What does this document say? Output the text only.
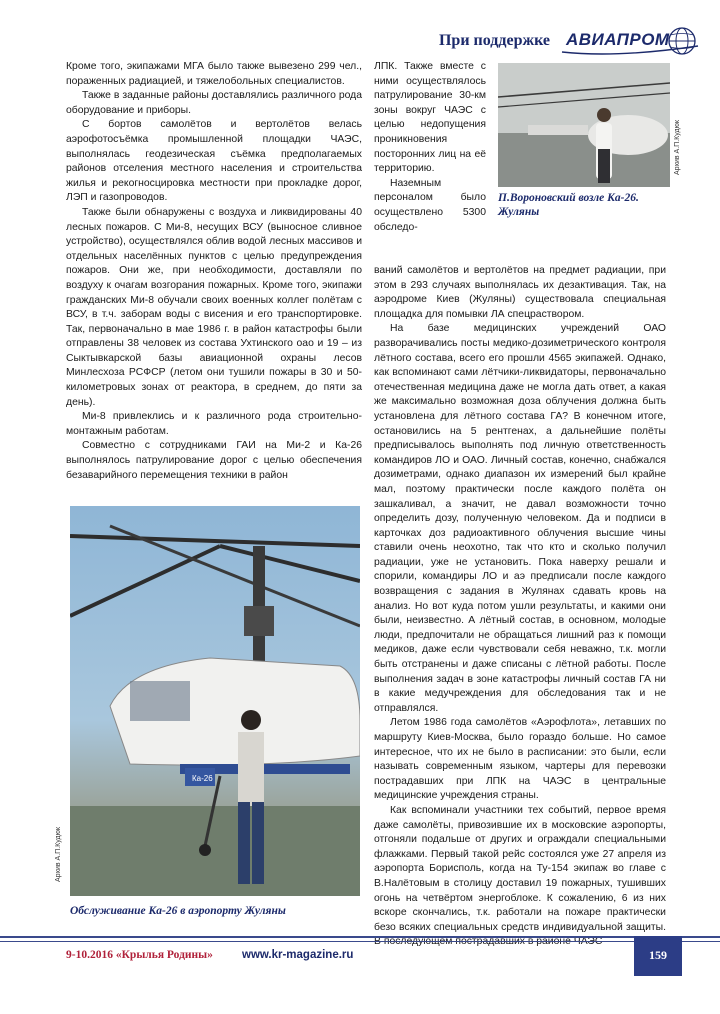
При поддержке АВИАПРОМ

Кроме того, экипажами МГА было также вывезено 299 чел., пораженных радиацией, и тяжелобольных специалистов.

Также в заданные районы доставлялись различного рода оборудование и приборы.

С бортов самолётов и вертолётов велась аэрофотосъёмка промышленной площадки ЧАЭС, выполнялась геодезическая съёмка предполагаемых районов отселения местного населения и строительства жилья и рекогносцировка местности при прокладке дорог, ЛЭП и газопроводов.

Также были обнаружены с воздуха и ликвидированы 40 лесных пожаров. С Ми-8, несущих ВСУ (выносное сливное устройство), осуществлялся облив водой лесных массивов и отдельных населённых пунктов с целью предупреждения пожаров. Они же, при необходимости, доставляли по воздуху к очагам возгорания пожарных. Кроме того, экипажи гражданских Ми-8 обучали своих военных коллег полётам с ВСУ, в т.ч. заборам воды с висения и его транспортировке. Так, первоначально в мае 1986 г. в район катастрофы были отправлены 38 человек из состава Ухтинского оао и 19 – из Сыктывкарской базы авиационной охраны лесов Минлесхоза РСФСР (летом они тушили пожары в 30 и 50-километровых зонах от реактора, в среднем, до пяти за день).

Ми-8 привлеклись и к различного рода строительно-монтажным работам.

Совместно с сотрудниками ГАИ на Ми-2 и Ка-26 выполнялось патрулирование дорог с целью обеспечения безаварийного перемещения техники в район

ЛПК. Также вместе с ними осуществлялось патрулирование 30-км зоны вокруг ЧАЭС с целью недопущения проникновения посторонних лиц на её территорию.

Наземным персоналом было осуществлено 5300 обследо-

ваний самолётов и вертолётов на предмет радиации, при этом в 293 случаях выполнялась их дезактивация. Так, на аэродроме Киев (Жуляны) существовала специальная площадка для помывки ЛА спецраствором.

На базе медицинских учреждений ОАО разворачивались посты медико-дозиметрического контроля лётного состава, всего его прошли 4565 экипажей. Однако, как вспоминают сами лётчики-ликвидаторы, первоначально отечественная медицина даже не могла дать ответ, а какая же максимально возможная доза облучения должна быть установлена для лётного состава ГА? В конечном итоге, остановились на 5 рентгенах, а дальнейшие полёты предписывалось выполнять под личную ответственность командиров ЛО и ОАО. Личный состав, конечно, снабжался дозиметрами, однако диапазон их измерений был крайне мал, поэтому практически после каждого полёта он зашкаливал, а значит, не давал возможности точно определить дозу, полученную человеком. Да и подписи в карточках доз радиоактивного облучения высшие чины ставили очень неохотно, так что кто и сколько получил радиации, уже не установить. Пока наверху решали и спорили, командиры ЛО и аэ предписали после каждого возвращения с задания в Жулянах сдавать кровь на анализ. Но вот куда потом ушли результаты, и какими они были, неизвестно. А лётный состав, в основном, молодые люди, предпочитали не обращаться лишний раз к помощи медиков, даже если чувствовали себя неважно, т.к. могли быть отстранены и даже списаны с лётной работы. После выполнения задач в зоне катастрофы личный состав ГА ни в какие медучреждения для обследования так и не отправлялся.

Летом 1986 года самолётов «Аэрофлота», летавших по маршруту Киев-Москва, было гораздо больше. Но самое интересное, что их не было в расписании: это были, если называть современным языком, чартеры для перевозки пострадавших при ЛПК на ЧАЭС в центральные медицинские учреждения страны.

Как вспоминали участники тех событий, первое время даже самолёты, привозившие их в московские аэропорты, отгоняли подальше от других и ограждали специальными флажками. Первый такой рейс состоялся уже 27 апреля из аэропорта Борисполь, когда на Ту-154 экипаж во главе с В.Налётовым в столицу доставил 19 пожарных, тушивших огонь на четвёртом энергоблоке. К сожалению, 6 из них вскоре скончались, т.к. работали на пожаре практически безо всяких специальных средств индивидуальной защиты.

Архив А.П.Кудюк
П.Вороновский возле Ка-26. Жуляны
Ка-26
Архив А.П.Кудюк
Обслуживание Ка-26 в аэропорту Жуляны
9-10.2016 «Крылья Родины»	www.kr-magazine.ru	159
